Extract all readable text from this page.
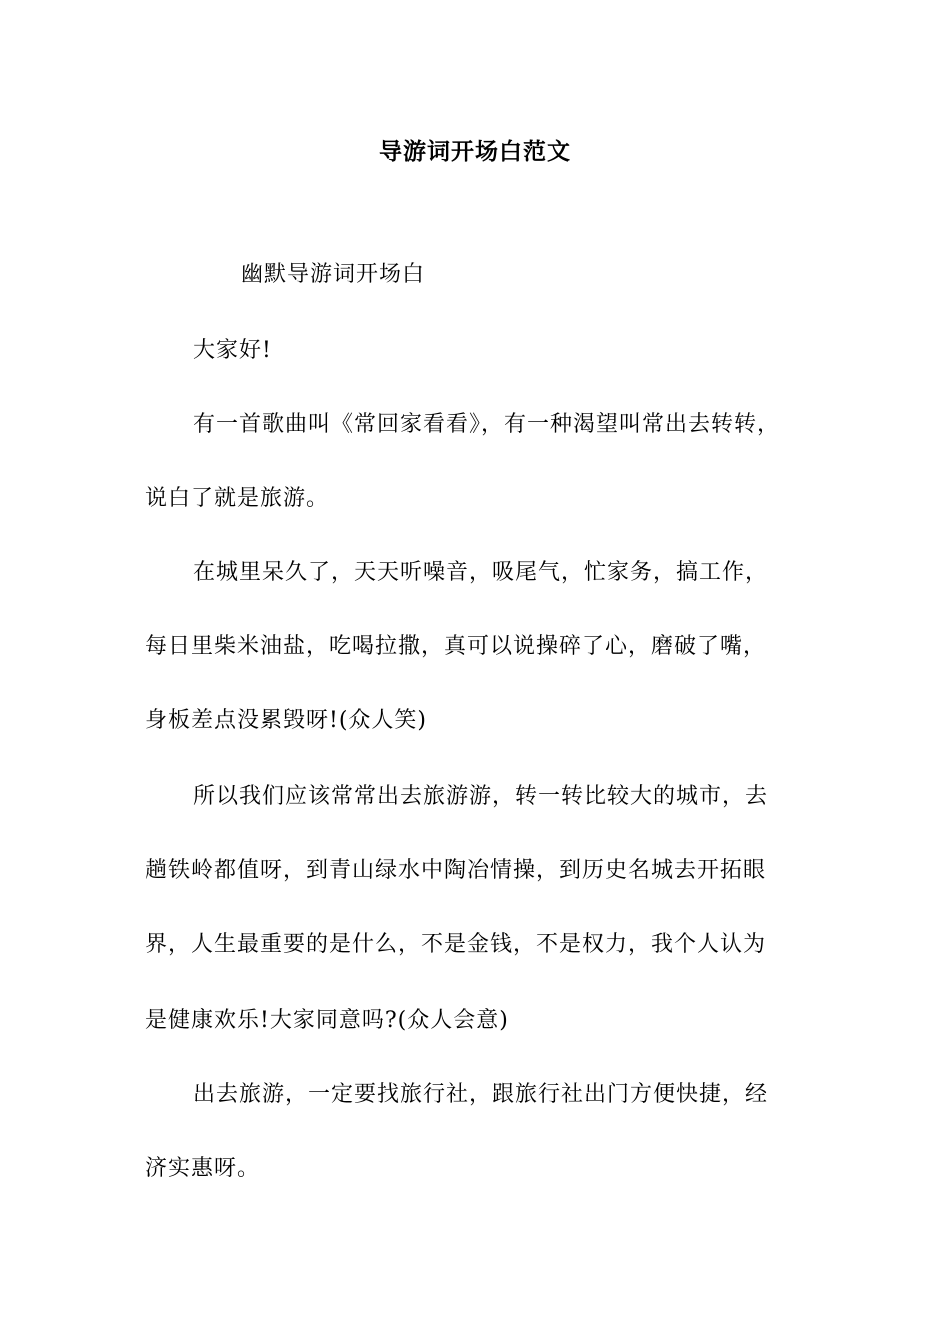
导游词开场白范文
幽默导游词开场白
大家好!
有一首歌曲叫《常回家看看》，有一种渴望叫常出去转转，
说白了就是旅游。
在城里呆久了，天天听噪音，吸尾气，忙家务，搞工作，
每日里柴米油盐，吃喝拉撒，真可以说操碎了心，磨破了嘴，
身板差点没累毁呀!(众人笑)
所以我们应该常常出去旅游游，转一转比较大的城市，去
趟铁岭都值呀，到青山绿水中陶冶情操，到历史名城去开拓眼
界，人生最重要的是什么，不是金钱，不是权力，我个人认为
是健康欢乐!大家同意吗?(众人会意)
出去旅游，一定要找旅行社，跟旅行社出门方便快捷，经
济实惠呀。
